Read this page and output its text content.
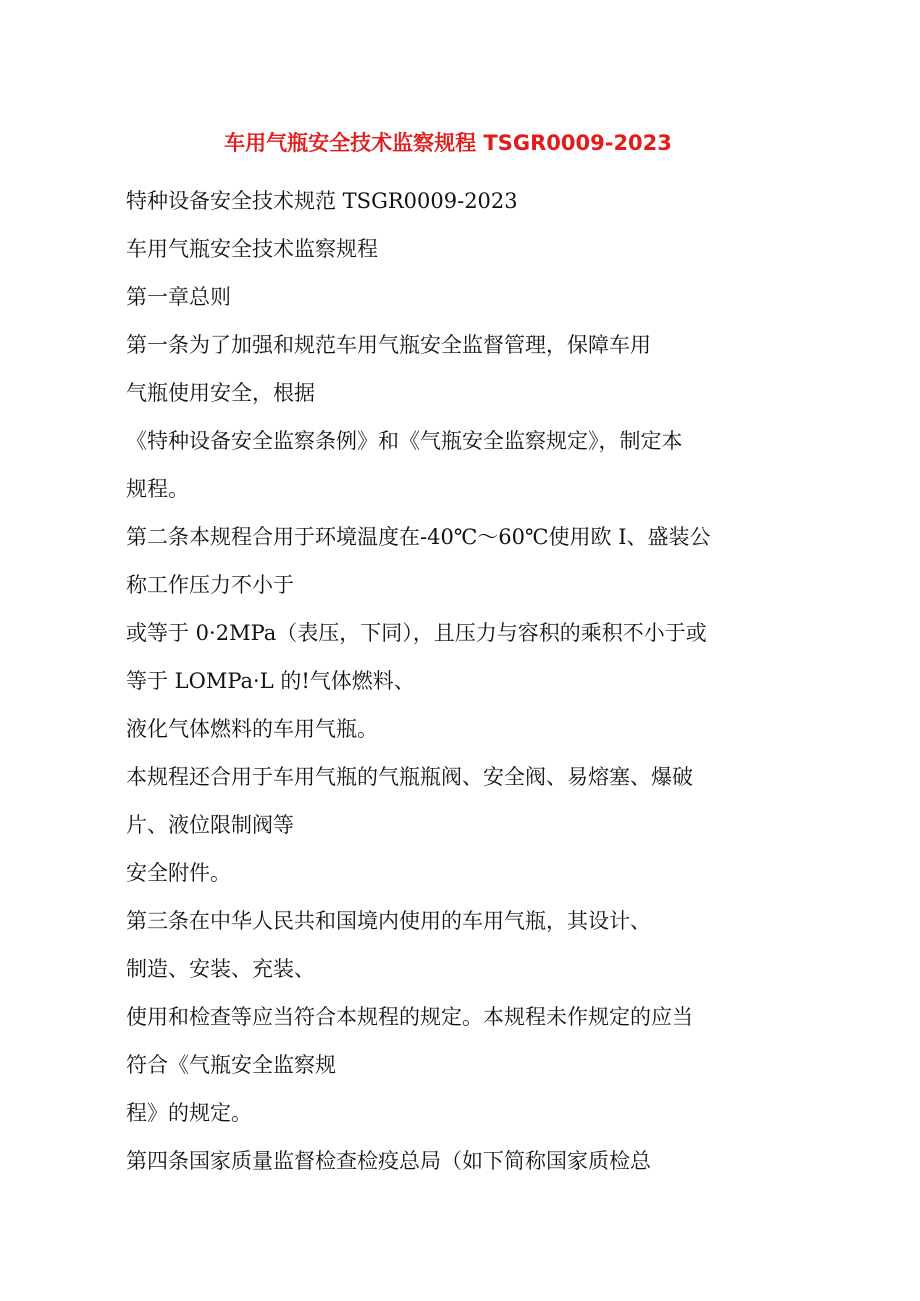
车用气瓶安全技术监察规程 TSGR0009-2023
特种设备安全技术规范 TSGR0009-2023
车用气瓶安全技术监察规程
第一章总则
第一条为了加强和规范车用气瓶安全监督管理，保障车用
气瓶使用安全，根据
《特种设备安全监察条例》和《气瓶安全监察规定》，制定本
规程。
第二条本规程合用于环境温度在-40℃～60℃使用欧 I、盛装公
称工作压力不小于
或等于 0·2MPa（表压，下同），且压力与容积的乘积不小于或
等于 LOMPa·L 的!气体燃料、
液化气体燃料的车用气瓶。
本规程还合用于车用气瓶的气瓶瓶阀、安全阀、易熔塞、爆破
片、液位限制阀等
安全附件。
第三条在中华人民共和国境内使用的车用气瓶，其设计、
制造、安装、充装、
使用和检查等应当符合本规程的规定。本规程未作规定的应当
符合《气瓶安全监察规
程》的规定。
第四条国家质量监督检查检疫总局（如下简称国家质检总
